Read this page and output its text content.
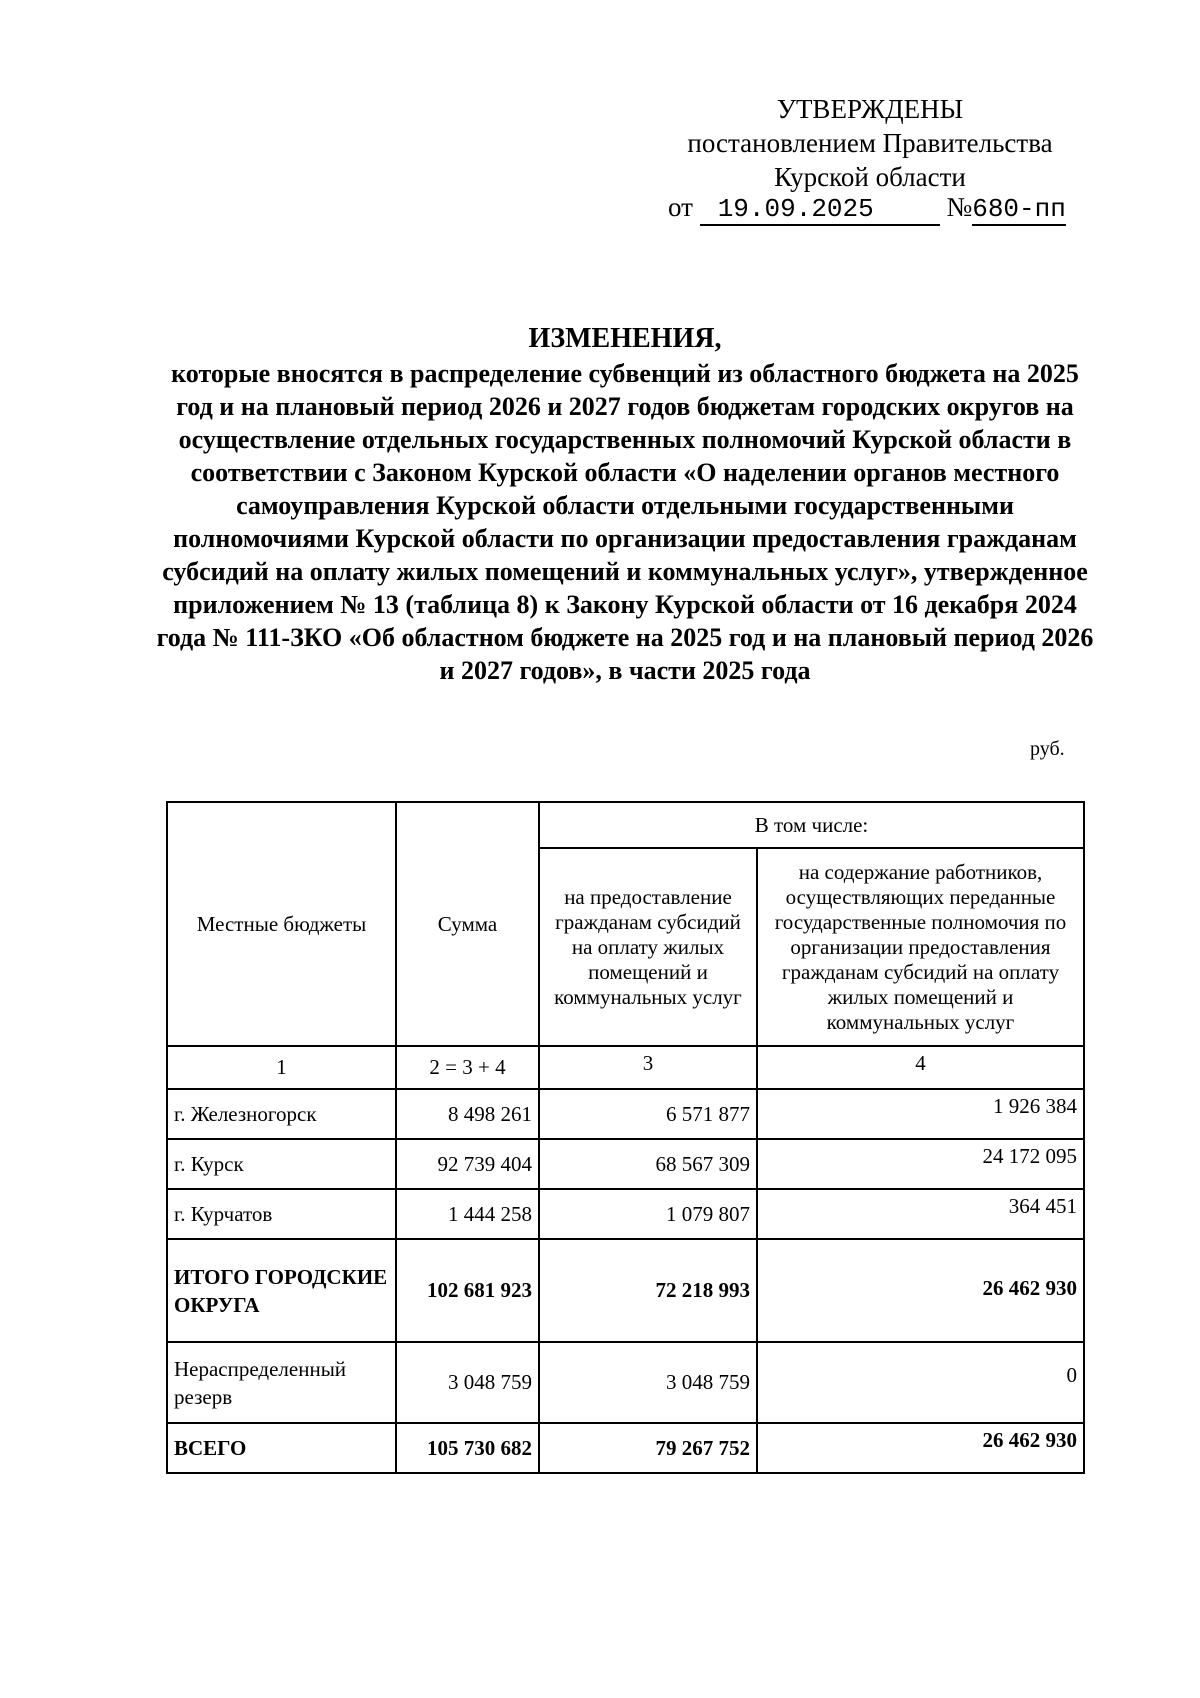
УТВЕРЖДЕНЫ
постановлением Правительства
Курской области
от 19.09.2025	№680-пп
ИЗМЕНЕНИЯ,
которые вносятся в распределение субвенций из областного бюджета на 2025 год и на плановый период 2026 и 2027 годов бюджетам городских округов на осуществление отдельных государственных полномочий Курской области в соответствии с Законом Курской области «О наделении органов местного самоуправления Курской области отдельными государственными полномочиями Курской области по организации предоставления гражданам субсидий на оплату жилых помещений и коммунальных услуг», утвержденное приложением № 13 (таблица 8) к Закону Курской области от 16 декабря 2024 года № 111-ЗКО «Об областном бюджете на 2025 год и на плановый период 2026 и 2027 годов», в части 2025 года
руб.
Местные бюджеты	Сумма	В том числе:	
		на предоставление гражданам субсидий на оплату жилых помещений и коммунальных услуг	на содержание работников, осуществляющих переданные государственные полномочия по организации предоставления гражданам субсидий на оплату жилых помещений и коммунальных услуг
1	2 = 3 + 4	3	4
г. Железногорск	8 498 261	6 571 877	1 926 384
г. Курск	92 739 404	68 567 309	24 172 095
г. Курчатов	1 444 258	1 079 807	364 451
ИТОГО ГОРОДСКИЕ ОКРУГА	102 681 923	72 218 993	26 462 930
Нераспределенный резерв	3 048 759	3 048 759	0
ВСЕГО	105 730 682	79 267 752	26 462 930
